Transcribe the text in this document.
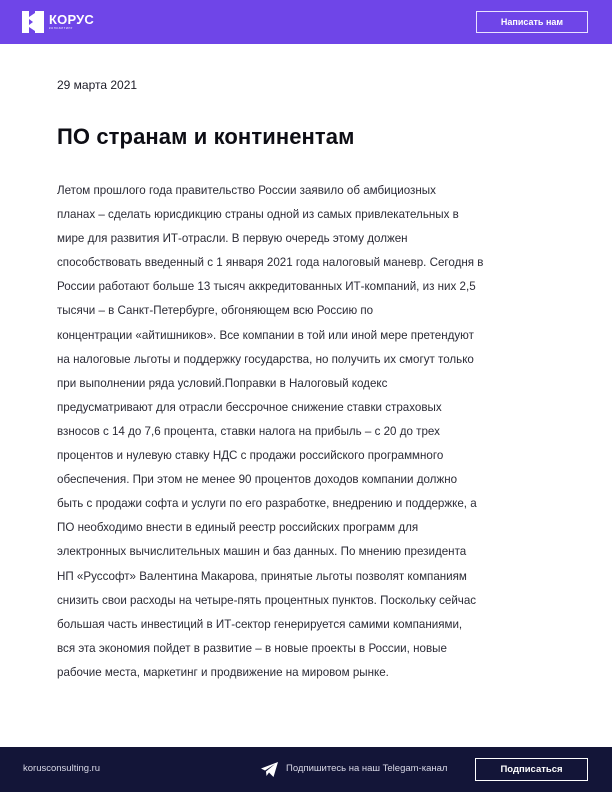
КОРУС
консалтинг
Написать нам
29 марта 2021
ПО странам и континентам
Летом прошлого года правительство России заявило об амбициозных
планах – сделать юрисдикцию страны одной из самых привлекательных в
мире для развития ИТ-отрасли. В первую очередь этому должен
способствовать введенный с 1 января 2021 года налоговый маневр. Сегодня в
России работают больше 13 тысяч аккредитованных ИТ-компаний, из них 2,5
тысячи – в Санкт-Петербурге, обгоняющем всю Россию по
концентрации «айтишников». Все компании в той или иной мере претендуют
на налоговые льготы и поддержку государства, но получить их смогут только
при выполнении ряда условий.Поправки в Налоговый кодекс
предусматривают для отрасли бессрочное снижение ставки страховых
взносов с 14 до 7,6 процента, ставки налога на прибыль – с 20 до трех
процентов и нулевую ставку НДС с продажи российского программного
обеспечения. При этом не менее 90 процентов доходов компании должно
быть с продажи софта и услуги по его разработке, внедрению и поддержке, а
ПО необходимо внести в единый реестр российских программ для
электронных вычислительных машин и баз данных. По мнению президента
НП «Руссофт» Валентина Макарова, принятые льготы позволят компаниям
снизить свои расходы на четыре-пять процентных пунктов. Поскольку сейчас
большая часть инвестиций в ИТ-сектор генерируется самими компаниями,
вся эта экономия пойдет в развитие – в новые проекты в России, новые
рабочие места, маркетинг и продвижение на мировом рынке.
korusconsulting.ru	Подпишитесь на наш Telegam-канал	Подписаться
